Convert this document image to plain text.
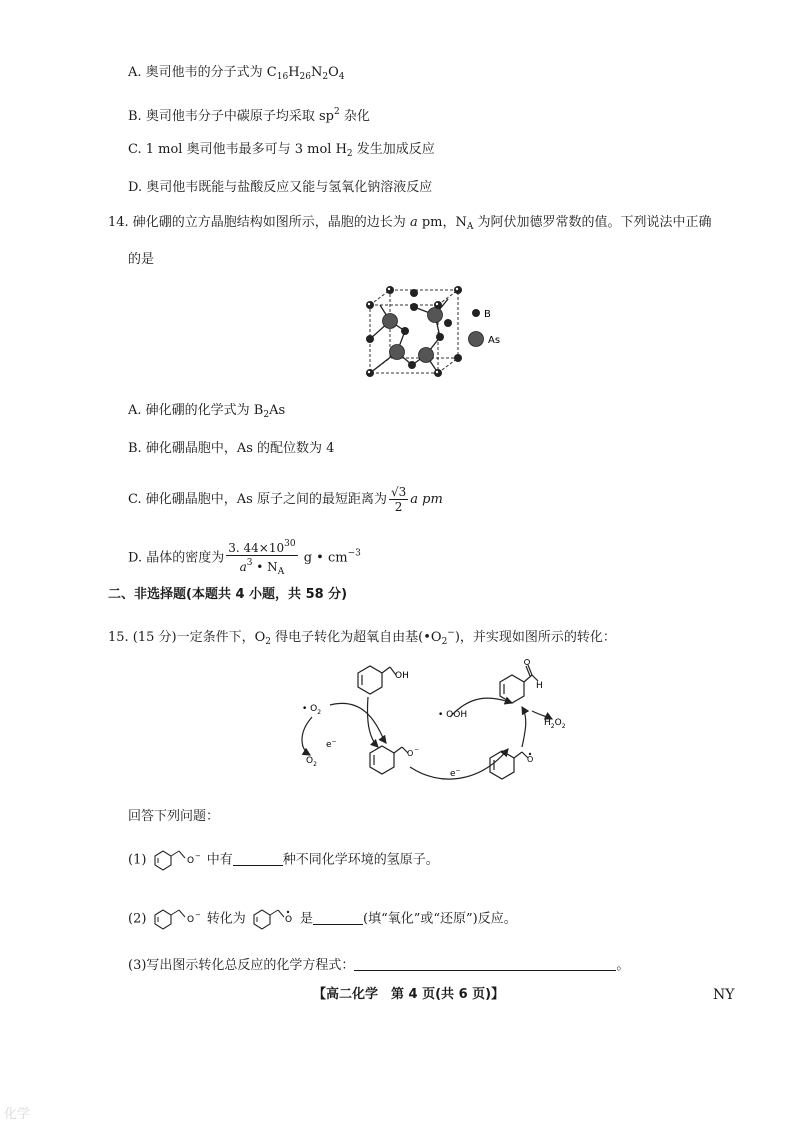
A. 奥司他韦的分子式为 $C_{16}H_{26}N_2O_4$
B. 奥司他韦分子中碳原子均采取 $sp^2$ 杂化
C. 1 mol 奥司他韦最多可与 3 mol $H_2$ 发生加成反应
D. 奥司他韦既能与盐酸反应又能与氢氧化钠溶液反应
14. 砷化硼的立方晶胞结构如图所示，晶胞的边长为 a pm，$N_A$ 为阿伏加德罗常数的值。下列说法中正确
的是
B
As
A. 砷化硼的化学式为 $B_2As$
B. 砷化硼晶胞中，As 的配位数为 4
C. 砷化硼晶胞中，As 原子之间的最短距离为 $\frac{√3}{2}$ a pm
D. 晶体的密度为 $\frac{3. 44\times 10^{30}}{a^3 • N_A}$ g • $cm^{-3}$
二、非选择题(本题共 4 小题，共 58 分)
15. (15 分)一定条件下，$O_2$ 得电子转化为超氧自由基$(•O_2^-)$，并实现如图所示的转化：
OH
H
O −
O
• $O_2$	• OOH
$H_2O_2$
e−
e−
$O_2$
回答下列问题：
(1)	O − 中有	种不同化学环境的氢原子。
(2)	O − 转化为	O 是	(填“氧化”或“还原”)反应。
(3)写出图示转化总反应的化学方程式：	。
【高二化学　第 4 页(共 6 页)】	NY
化学
